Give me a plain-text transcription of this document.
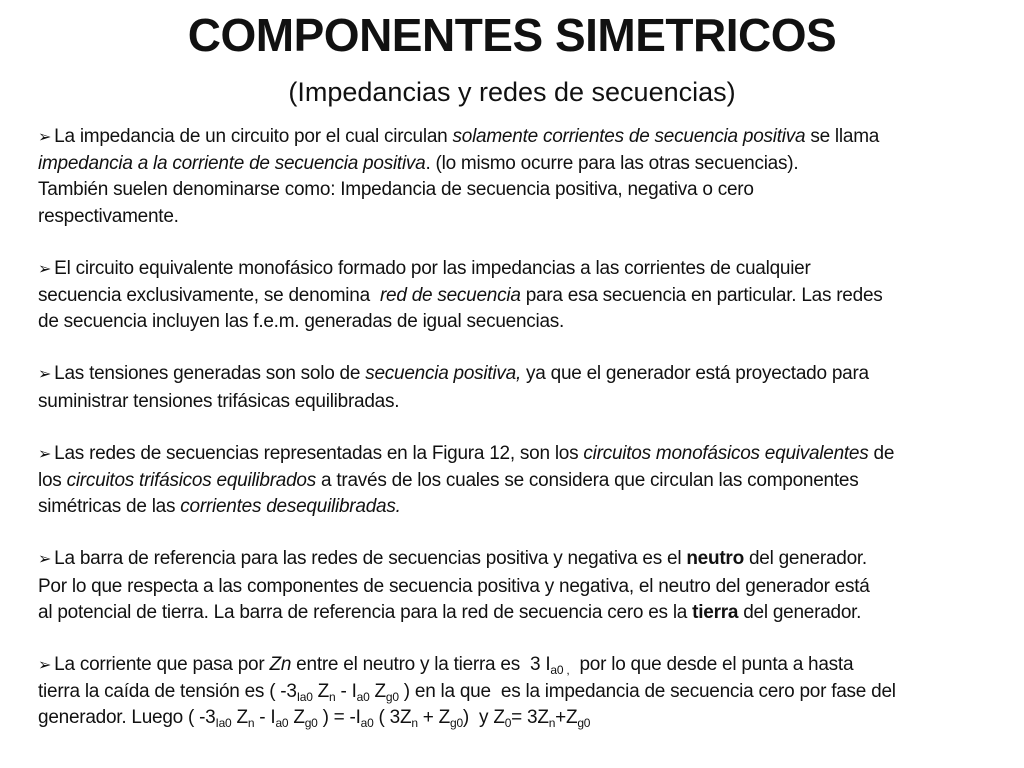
COMPONENTES SIMETRICOS
(Impedancias y redes de secuencias)
➢ La impedancia de un circuito por el cual circulan solamente corrientes de secuencia positiva se llama
impedancia a la corriente de secuencia positiva. (lo mismo ocurre para las otras secuencias).
También suelen denominarse como: Impedancia de secuencia positiva, negativa o cero
respectivamente.
➢ El circuito equivalente monofásico formado por las impedancias a las corrientes de cualquier
secuencia exclusivamente, se denomina  red de secuencia para esa secuencia en particular. Las redes
de secuencia incluyen las f.e.m. generadas de igual secuencias.
➢ Las tensiones generadas son solo de secuencia positiva, ya que el generador está proyectado para
suministrar tensiones trifásicas equilibradas.
➢ Las redes de secuencias representadas en la Figura 12, son los circuitos monofásicos equivalentes de
los circuitos trifásicos equilibrados a través de los cuales se considera que circulan las componentes
simétricas de las corrientes desequilibradas.
➢ La barra de referencia para las redes de secuencias positiva y negativa es el neutro del generador.
Por lo que respecta a las componentes de secuencia positiva y negativa, el neutro del generador está
al potencial de tierra. La barra de referencia para la red de secuencia cero es la tierra del generador.
➢ La corriente que pasa por Zn entre el neutro y la tierra es  3 $I_{a0 ,}$  por lo que desde el punta a hasta
tierra la caída de tensión es ( $-3_{Ia0}$ $Z_n - I_{a0}$ $Z_{g0}$ ) en la que  es la impedancia de secuencia cero por fase del
generador. Luego ( $-3_{Ia0}$ $Z_n - I_{a0}$ $Z_{g0}$ ) = $-I_{a0}$ ( $3Z_n + Z_{g0}$)  y $Z_0= 3Z_n+Z_{g0}$
